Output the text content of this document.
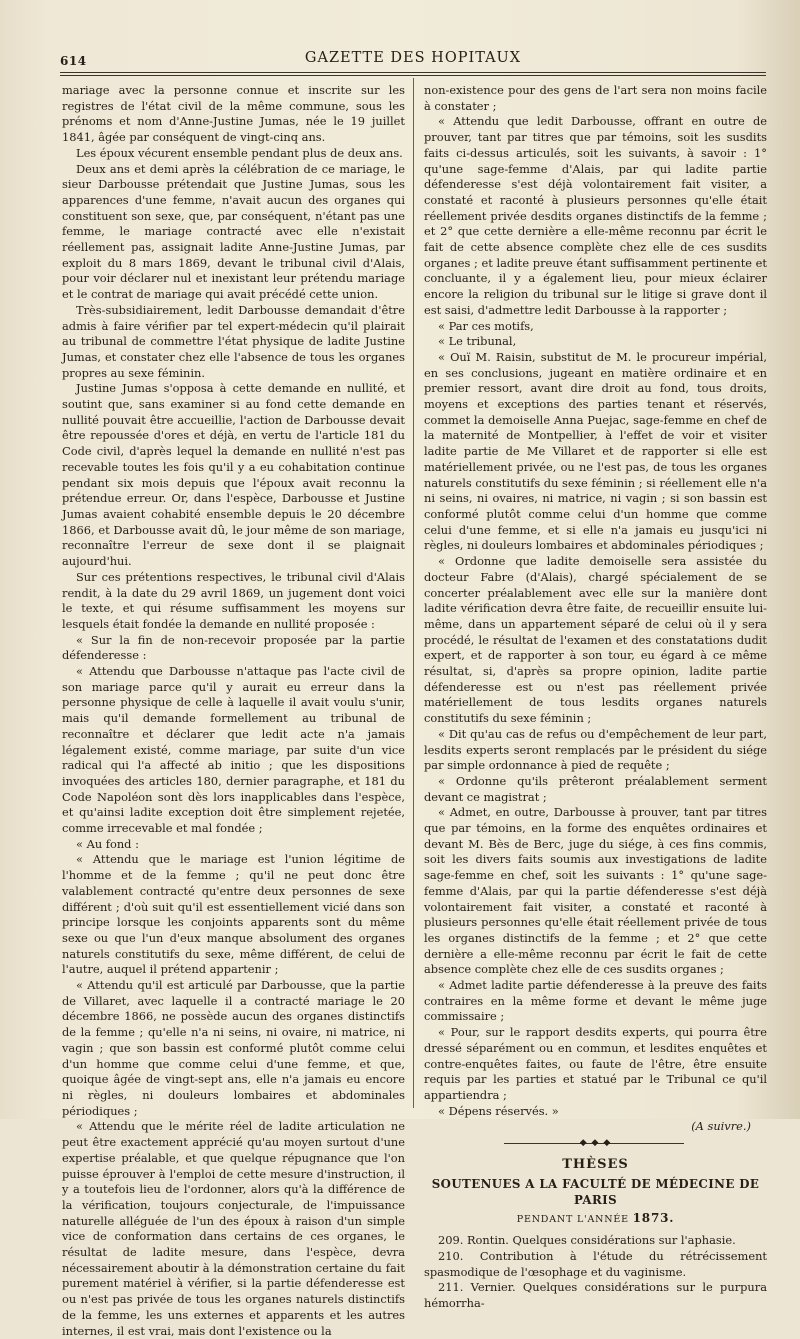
614	GAZETTE DES HOPITAUX

mariage avec la personne connue et inscrite sur les registres de l'état civil de la même commune, sous les prénoms et nom d'Anne-Justine Jumas, née le 19 juillet 1841, âgée par conséquent de vingt-cinq ans.

Les époux vécurent ensemble pendant plus de deux ans.

Deux ans et demi après la célébration de ce mariage, le sieur Darbousse prétendait que Justine Jumas, sous les apparences d'une femme, n'avait aucun des organes qui constituent son sexe, que, par conséquent, n'étant pas une femme, le mariage contracté avec elle n'existait réellement pas, assignait ladite Anne-Justine Jumas, par exploit du 8 mars 1869, devant le tribunal civil d'Alais, pour voir déclarer nul et inexistant leur prétendu mariage et le contrat de mariage qui avait précédé cette union.

Très-subsidiairement, ledit Darbousse demandait d'être admis à faire vérifier par tel expert-médecin qu'il plairait au tribunal de commettre l'état physique de ladite Justine Jumas, et constater chez elle l'absence de tous les organes propres au sexe féminin.

Justine Jumas s'opposa à cette demande en nullité, et soutint que, sans examiner si au fond cette demande en nullité pouvait être accueillie, l'action de Darbousse devait être repoussée d'ores et déjà, en vertu de l'article 181 du Code civil, d'après lequel la demande en nullité n'est pas recevable toutes les fois qu'il y a eu cohabitation continue pendant six mois depuis que l'époux avait reconnu la prétendue erreur. Or, dans l'espèce, Darbousse et Justine Jumas avaient cohabité ensemble depuis le 20 décembre 1866, et Darbousse avait dû, le jour même de son mariage, reconnaître l'erreur de sexe dont il se plaignait aujourd'hui.

Sur ces prétentions respectives, le tribunal civil d'Alais rendit, à la date du 29 avril 1869, un jugement dont voici le texte, et qui résume suffisamment les moyens sur lesquels était fondée la demande en nullité proposée :

« Sur la fin de non-recevoir proposée par la partie défenderesse :

« Attendu que Darbousse n'attaque pas l'acte civil de son mariage parce qu'il y aurait eu erreur dans la personne physique de celle à laquelle il avait voulu s'unir, mais qu'il demande formellement au tribunal de reconnaître et déclarer que ledit acte n'a jamais légalement existé, comme mariage, par suite d'un vice radical qui l'a affecté ab initio ; que les dispositions invoquées des articles 180, dernier paragraphe, et 181 du Code Napoléon sont dès lors inapplicables dans l'espèce, et qu'ainsi ladite exception doit être simplement rejetée, comme irrecevable et mal fondée ;

« Au fond :

« Attendu que le mariage est l'union légitime de l'homme et de la femme ; qu'il ne peut donc être valablement contracté qu'entre deux personnes de sexe différent ; d'où suit qu'il est essentiellement vicié dans son principe lorsque les conjoints apparents sont du même sexe ou que l'un d'eux manque absolument des organes naturels constitutifs du sexe, même différent, de celui de l'autre, auquel il prétend appartenir ;

« Attendu qu'il est articulé par Darbousse, que la partie de Villaret, avec laquelle il a contracté mariage le 20 décembre 1866, ne possède aucun des organes distinctifs de la femme ; qu'elle n'a ni seins, ni ovaire, ni matrice, ni vagin ; que son bassin est conformé plutôt comme celui d'un homme que comme celui d'une femme, et que, quoique âgée de vingt-sept ans, elle n'a jamais eu encore ni règles, ni douleurs lombaires et abdominales périodiques ;

« Attendu que le mérite réel de ladite articulation ne peut être exactement apprécié qu'au moyen surtout d'une expertise préalable, et que quelque répugnance que l'on puisse éprouver à l'emploi de cette mesure d'instruction, il y a toutefois lieu de l'ordonner, alors qu'à la différence de la vérification, toujours conjecturale, de l'impuissance naturelle alléguée de l'un des époux à raison d'un simple vice de conformation dans certains de ces organes, le résultat de ladite mesure, dans l'espèce, devra nécessairement aboutir à la démonstration certaine du fait purement matériel à vérifier, si la partie défenderesse est ou n'est pas privée de tous les organes naturels distinctifs de la femme, les uns externes et apparents et les autres internes, il est vrai, mais dont l'existence ou la

non-existence pour des gens de l'art sera non moins facile à constater ;

« Attendu que ledit Darbousse, offrant en outre de prouver, tant par titres que par témoins, soit les susdits faits ci-dessus articulés, soit les suivants, à savoir : 1° qu'une sage-femme d'Alais, par qui ladite partie défenderesse s'est déjà volontairement fait visiter, a constaté et raconté à plusieurs personnes qu'elle était réellement privée desdits organes distinctifs de la femme ; et 2° que cette dernière a elle-même reconnu par écrit le fait de cette absence complète chez elle de ces susdits organes ; et ladite preuve étant suffisamment pertinente et concluante, il y a également lieu, pour mieux éclairer encore la religion du tribunal sur le litige si grave dont il est saisi, d'admettre ledit Darbousse à la rapporter ;

« Par ces motifs,

« Le tribunal,

« Ouï M. Raisin, substitut de M. le procureur impérial, en ses conclusions, jugeant en matière ordinaire et en premier ressort, avant dire droit au fond, tous droits, moyens et exceptions des parties tenant et réservés, commet la demoiselle Anna Puejac, sage-femme en chef de la maternité de Montpellier, à l'effet de voir et visiter ladite partie de Me Villaret et de rapporter si elle est matériellement privée, ou ne l'est pas, de tous les organes naturels constitutifs du sexe féminin ; si réellement elle n'a ni seins, ni ovaires, ni matrice, ni vagin ; si son bassin est conformé plutôt comme celui d'un homme que comme celui d'une femme, et si elle n'a jamais eu jusqu'ici ni règles, ni douleurs lombaires et abdominales périodiques ;

« Ordonne que ladite demoiselle sera assistée du docteur Fabre (d'Alais), chargé spécialement de se concerter préalablement avec elle sur la manière dont ladite vérification devra être faite, de recueillir ensuite lui-même, dans un appartement séparé de celui où il y sera procédé, le résultat de l'examen et des constatations dudit expert, et de rapporter à son tour, eu égard à ce même résultat, si, d'après sa propre opinion, ladite partie défenderesse est ou n'est pas réellement privée matériellement de tous lesdits organes naturels constitutifs du sexe féminin ;

« Dit qu'au cas de refus ou d'empêchement de leur part, lesdits experts seront remplacés par le président du siége par simple ordonnance à pied de requête ;

« Ordonne qu'ils prêteront préalablement serment devant ce magistrat ;

« Admet, en outre, Darbousse à prouver, tant par titres que par témoins, en la forme des enquêtes ordinaires et devant M. Bès de Berc, juge du siége, à ces fins commis, soit les divers faits soumis aux investigations de ladite sage-femme en chef, soit les suivants : 1° qu'une sage-femme d'Alais, par qui la partie défenderesse s'est déjà volontairement fait visiter, a constaté et raconté à plusieurs personnes qu'elle était réellement privée de tous les organes distinctifs de la femme ; et 2° que cette dernière a elle-même reconnu par écrit le fait de cette absence complète chez elle de ces susdits organes ;

« Admet ladite partie défenderesse à la preuve des faits contraires en la même forme et devant le même juge commissaire ;

« Pour, sur le rapport desdits experts, qui pourra être dressé séparément ou en commun, et lesdites enquêtes et contre-enquêtes faites, ou faute de l'être, être ensuite requis par les parties et statué par le Tribunal ce qu'il appartiendra ;

« Dépens réservés. »

(A suivre.)
◆ ◆ ◆
THÈSES
SOUTENUES A LA FACULTÉ DE MÉDECINE DE PARIS
PENDANT L'ANNÉE 1873.

209. Rontin. Quelques considérations sur l'aphasie.

210. Contribution à l'étude du rétrécissement spasmodique de l'œsophage et du vaginisme.

211. Vernier. Quelques considérations sur le purpura hémorrha-
